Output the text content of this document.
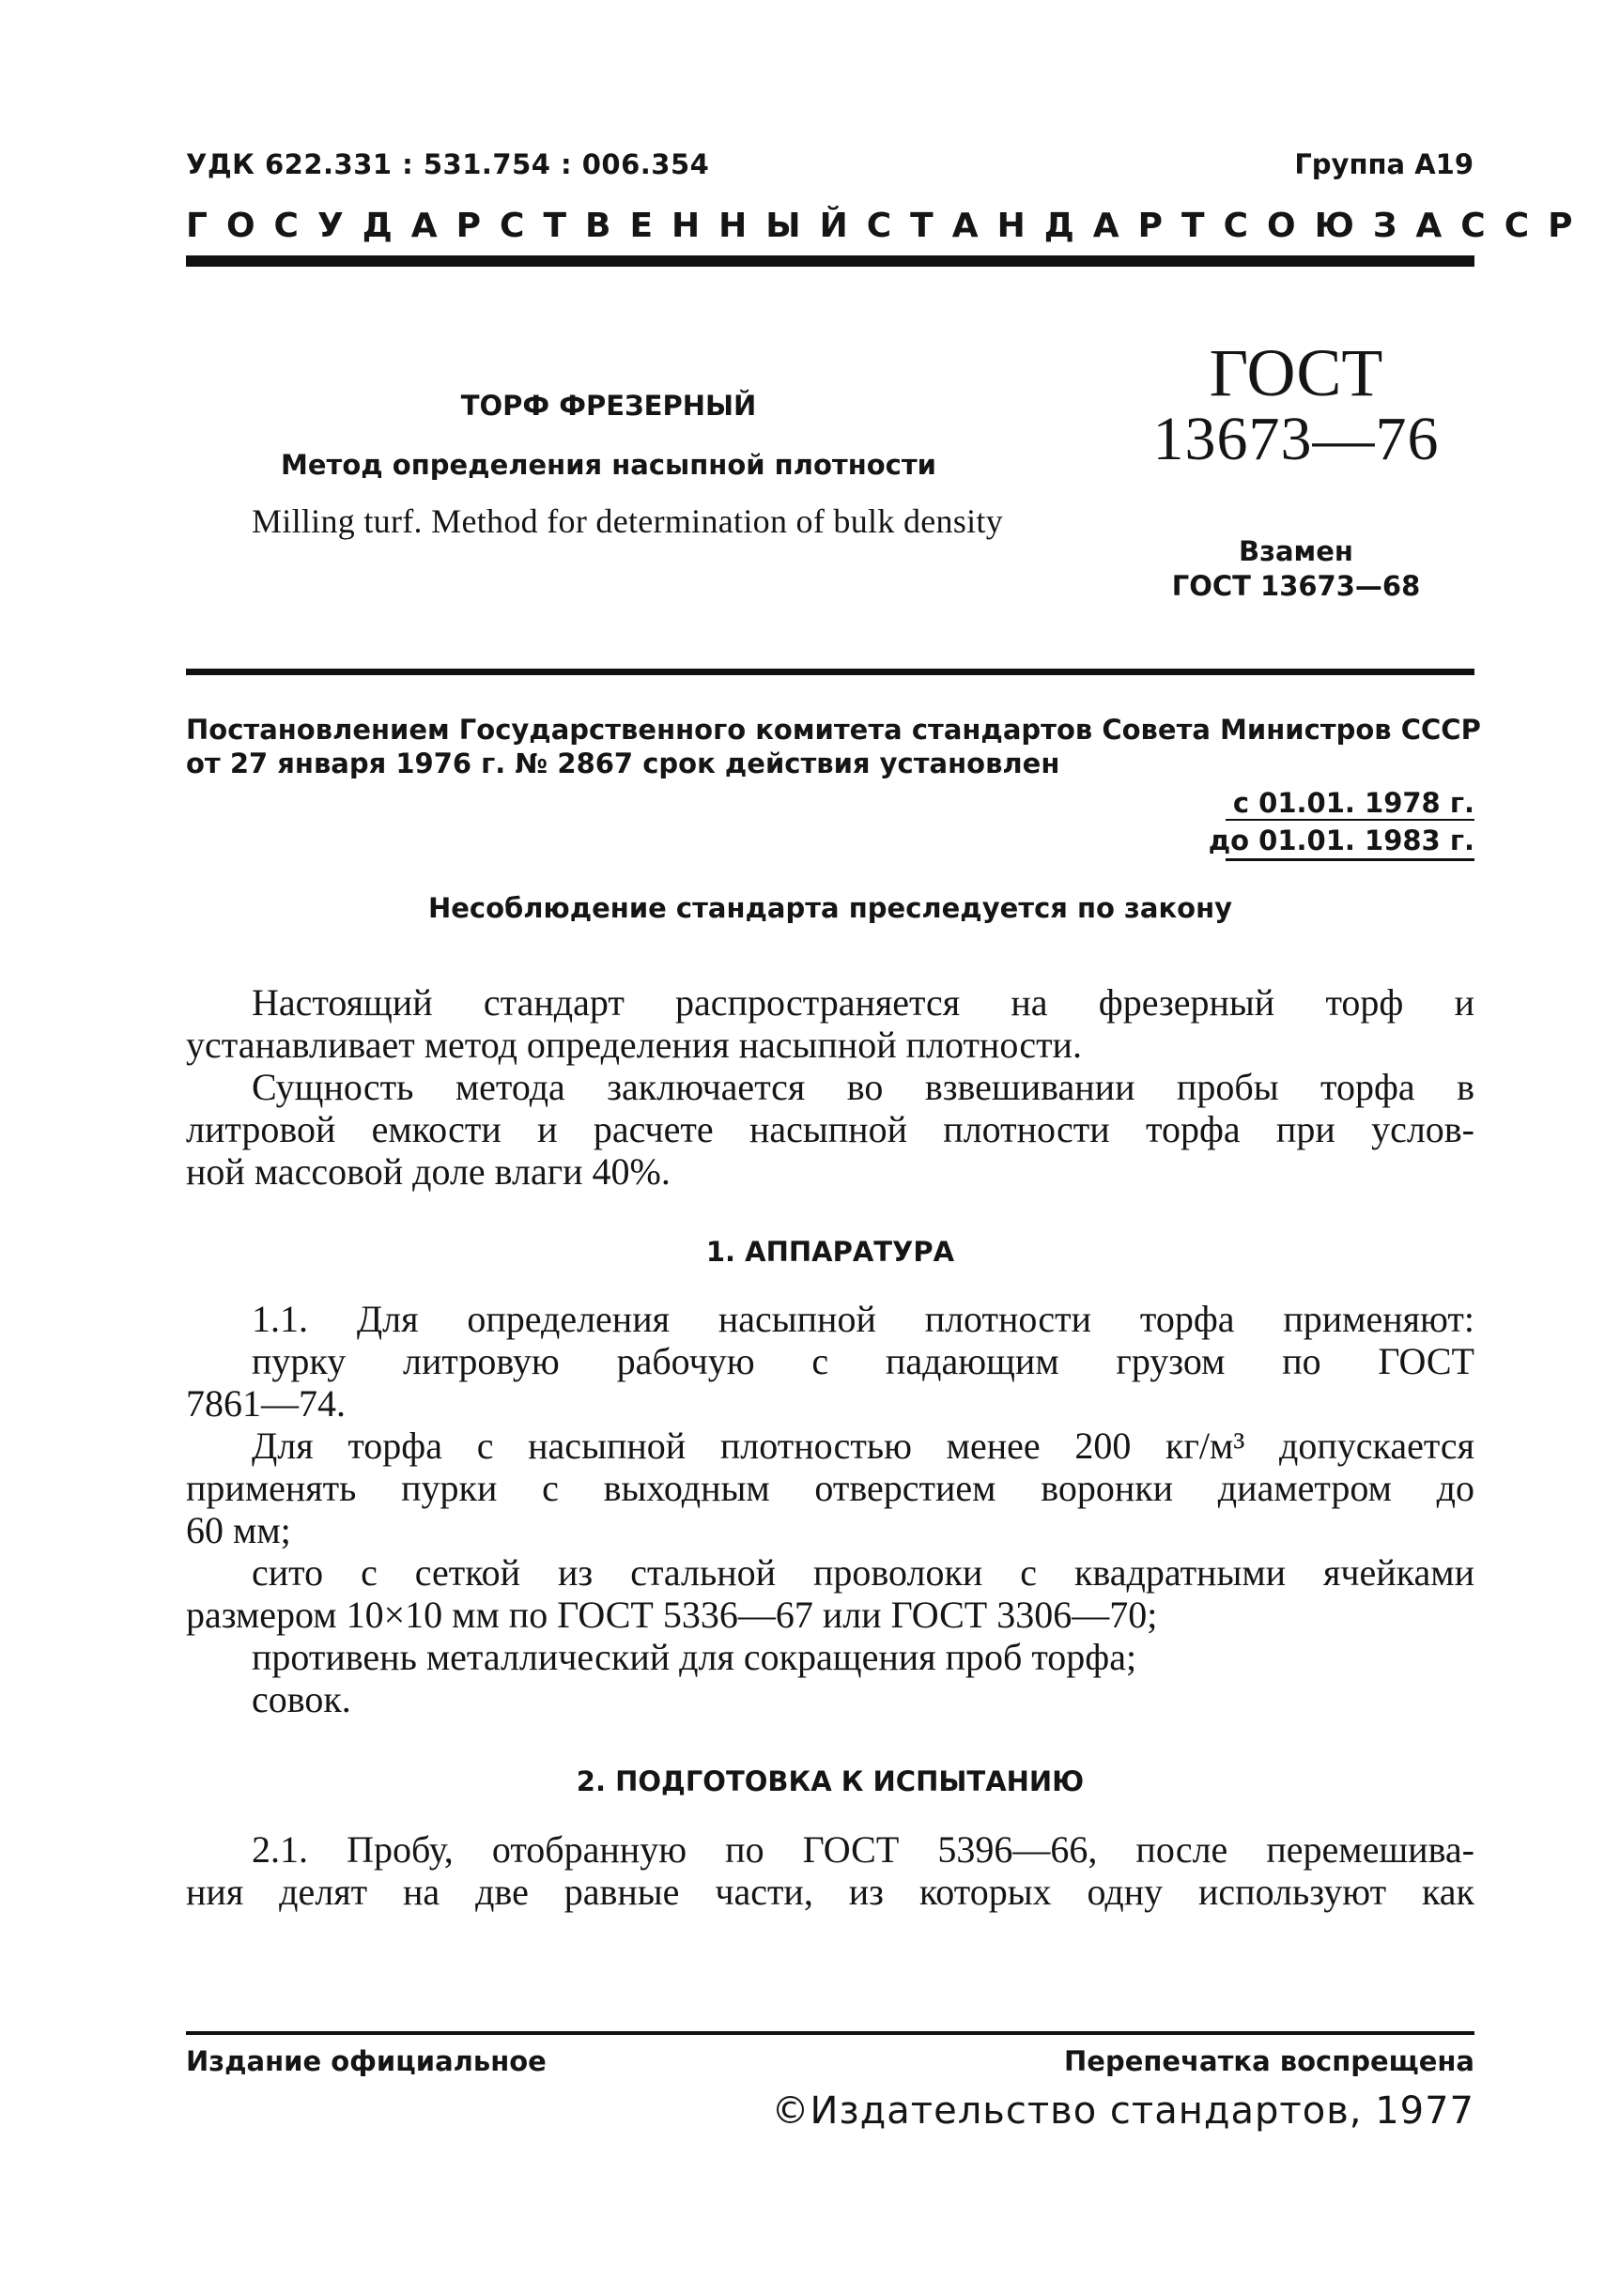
УДК 622.331 : 531.754 : 006.354	Группа А19
ГОСУДАРСТВЕННЫЙ СТАНДАРТ СОЮЗА ССР
ТОРФ ФРЕЗЕРНЫЙ
Метод определения насыпной плотности
Milling turf. Method for determination of bulk density
ГОСТ
13673—76
Взамен
ГОСТ 13673—68
Постановлением Государственного комитета стандартов Совета Министров СССР
от 27 января 1976 г. № 2867 срок действия установлен
с 01.01. 1978 г.
до 01.01. 1983 г.
Несоблюдение стандарта преследуется по закону
Настоящий стандарт распространяется на фрезерный торф и
устанавливает метод определения насыпной плотности.
Сущность метода заключается во взвешивании пробы торфа в
литровой емкости и расчете насыпной плотности торфа при услов-
ной массовой доле влаги 40%.
1. АППАРАТУРА
1.1. Для определения насыпной плотности торфа применяют:
пурку литровую рабочую с падающим грузом по ГОСТ
7861—74.
Для торфа с насыпной плотностью менее 200 кг/м³ допускается
применять пурки с выходным отверстием воронки диаметром до
60 мм;
сито с сеткой из стальной проволоки с квадратными ячейками
размером 10×10 мм по ГОСТ 5336—67 или ГОСТ 3306—70;
противень металлический для сокращения проб торфа;
совок.
2. ПОДГОТОВКА К ИСПЫТАНИЮ
2.1. Пробу, отобранную по ГОСТ 5396—66, после перемешива-
ния делят на две равные части, из которых одну используют как
Издание официальное	Перепечатка воспрещена
©Издательство стандартов, 1977
